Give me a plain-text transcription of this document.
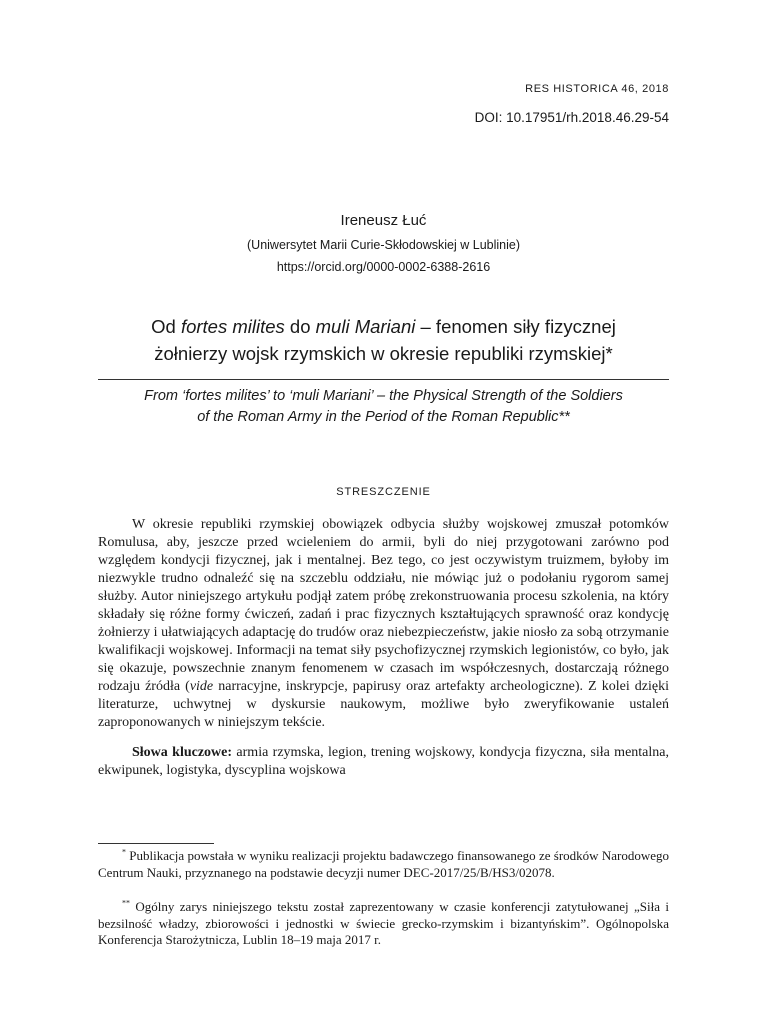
RES HISTORICA 46, 2018
DOI: 10.17951/rh.2018.46.29-54
Ireneusz Łuć
(Uniwersytet Marii Curie-Skłodowskiej w Lublinie)
https://orcid.org/0000-0002-6388-2616
Od fortes milites do muli Mariani – fenomen siły fizycznej
żołnierzy wojsk rzymskich w okresie republiki rzymskiej*
From ‘fortes milites’ to ‘muli Mariani’ – the Physical Strength of the Soldiers
of the Roman Army in the Period of the Roman Republic**
STRESZCZENIE

W okresie republiki rzymskiej obowiązek odbycia służby wojskowej zmuszał potomków Romulusa, aby, jeszcze przed wcieleniem do armii, byli do niej przygotowani zarówno pod względem kondycji fizycznej, jak i mentalnej. Bez tego, co jest oczywistym truizmem, byłoby im niezwykle trudno odnaleźć się na szczeblu oddziału, nie mówiąc już o podołaniu rygorom samej służby. Autor niniejszego artykułu podjął zatem próbę zrekonstruowania procesu szkolenia, na który składały się różne formy ćwiczeń, zadań i prac fizycznych kształtujących sprawność oraz kondycję żołnierzy i ułatwiających adaptację do trudów oraz niebezpieczeństw, jakie niosło za sobą otrzymanie kwalifikacji wojskowej. Informacji na temat siły psychofizycznej rzymskich legionistów, co było, jak się okazuje, powszechnie znanym fenomenem w czasach im współczesnych, dostarczają różnego rodzaju źródła (vide narracyjne, inskrypcje, papirusy oraz artefakty archeologiczne). Z kolei dzięki literaturze, uchwytnej w dyskursie naukowym, możliwe było zweryfikowanie ustaleń zaproponowanych w niniejszym tekście.

Słowa kluczowe: armia rzymska, legion, trening wojskowy, kondycja fizyczna, siła mentalna, ekwipunek, logistyka, dyscyplina wojskowa

* Publikacja powstała w wyniku realizacji projektu badawczego finansowanego ze środków Narodowego Centrum Nauki, przyznanego na podstawie decyzji numer DEC-2017/25/B/HS3/02078.

** Ogólny zarys niniejszego tekstu został zaprezentowany w czasie konferencji zatytułowanej „Siła i bezsilność władzy, zbiorowości i jednostki w świecie grecko-rzymskim i bizantyńskim”. Ogólnopolska Konferencja Starożytnicza, Lublin 18–19 maja 2017 r.
